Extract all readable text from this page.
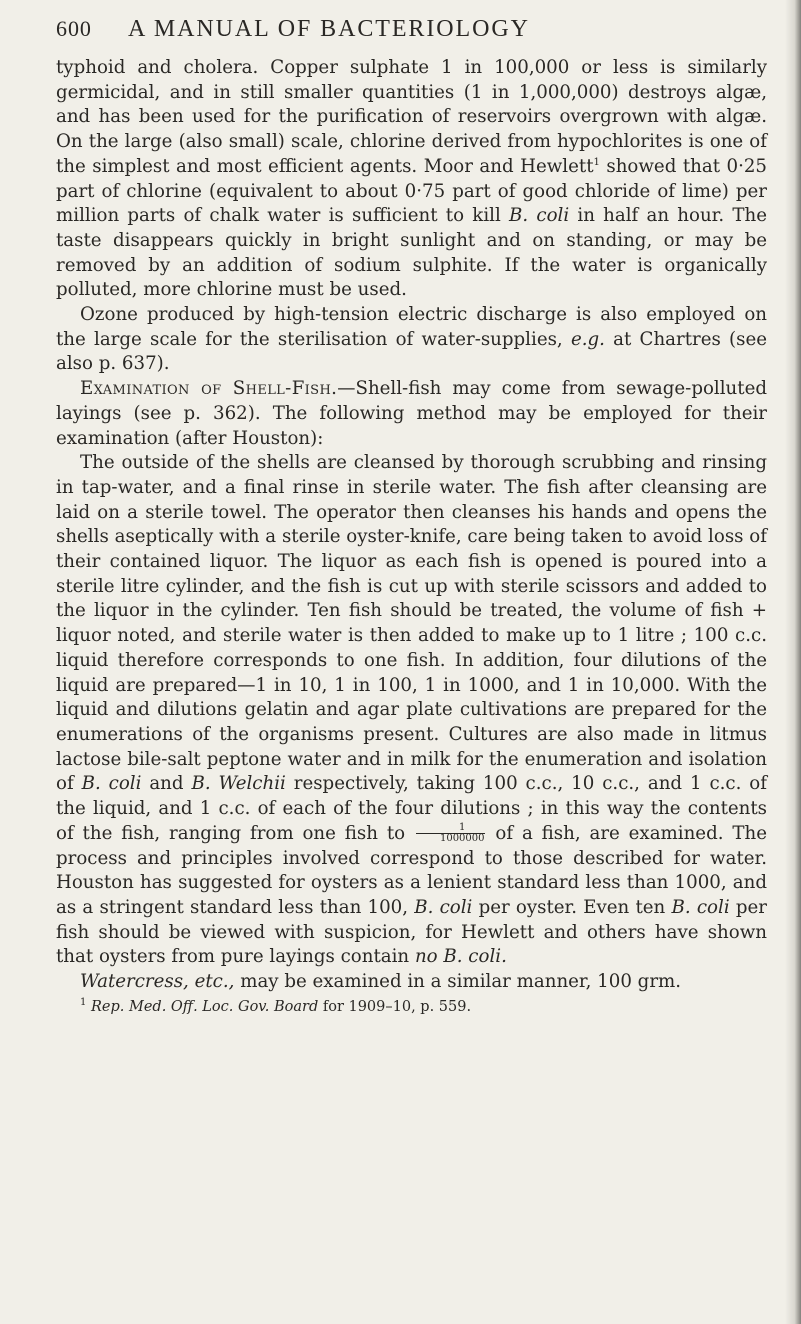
600	A MANUAL OF BACTERIOLOGY

typhoid and cholera. Copper sulphate 1 in 100,000 or less is similarly germicidal, and in still smaller quantities (1 in 1,000,000) destroys algæ, and has been used for the purification of reservoirs overgrown with algæ. On the large (also small) scale, chlorine derived from hypochlorites is one of the simplest and most efficient agents. Moor and Hewlett$^1$ showed that 0·25 part of chlorine (equivalent to about 0·75 part of good chloride of lime) per million parts of chalk water is sufficient to kill B. coli in half an hour. The taste disappears quickly in bright sunlight and on standing, or may be removed by an addition of sodium sulphite. If the water is organically polluted, more chlorine must be used.

Ozone produced by high-tension electric discharge is also employed on the large scale for the sterilisation of water-supplies, e.g. at Chartres (see also p. 637).

Examination of Shell-Fish.—Shell-fish may come from sewage-polluted layings (see p. 362). The following method may be employed for their examination (after Houston):

The outside of the shells are cleansed by thorough scrubbing and rinsing in tap-water, and a final rinse in sterile water. The fish after cleansing are laid on a sterile towel. The operator then cleanses his hands and opens the shells aseptically with a sterile oyster-knife, care being taken to avoid loss of their contained liquor. The liquor as each fish is opened is poured into a sterile litre cylinder, and the fish is cut up with sterile scissors and added to the liquor in the cylinder. Ten fish should be treated, the volume of fish + liquor noted, and sterile water is then added to make up to 1 litre ; 100 c.c. liquid therefore corresponds to one fish. In addition, four dilutions of the liquid are prepared—1 in 10, 1 in 100, 1 in 1000, and 1 in 10,000. With the liquid and dilutions gelatin and agar plate cultivations are prepared for the enumerations of the organisms present. Cultures are also made in litmus lactose bile-salt peptone water and in milk for the enumeration and isolation of B. coli and B. Welchii respectively, taking 100 c.c., 10 c.c., and 1 c.c. of the liquid, and 1 c.c. of each of the four dilutions ; in this way the contents of the fish, ranging from one fish to $\frac{1}{1000000}$ of a fish, are examined. The process and principles involved correspond to those described for water. Houston has suggested for oysters as a lenient standard less than 1000, and as a stringent standard less than 100, B. coli per oyster. Even ten B. coli per fish should be viewed with suspicion, for Hewlett and others have shown that oysters from pure layings contain no B. coli.

Watercress, etc., may be examined in a similar manner, 100 grm.

$^1$ Rep. Med. Off. Loc. Gov. Board for 1909–10, p. 559.
